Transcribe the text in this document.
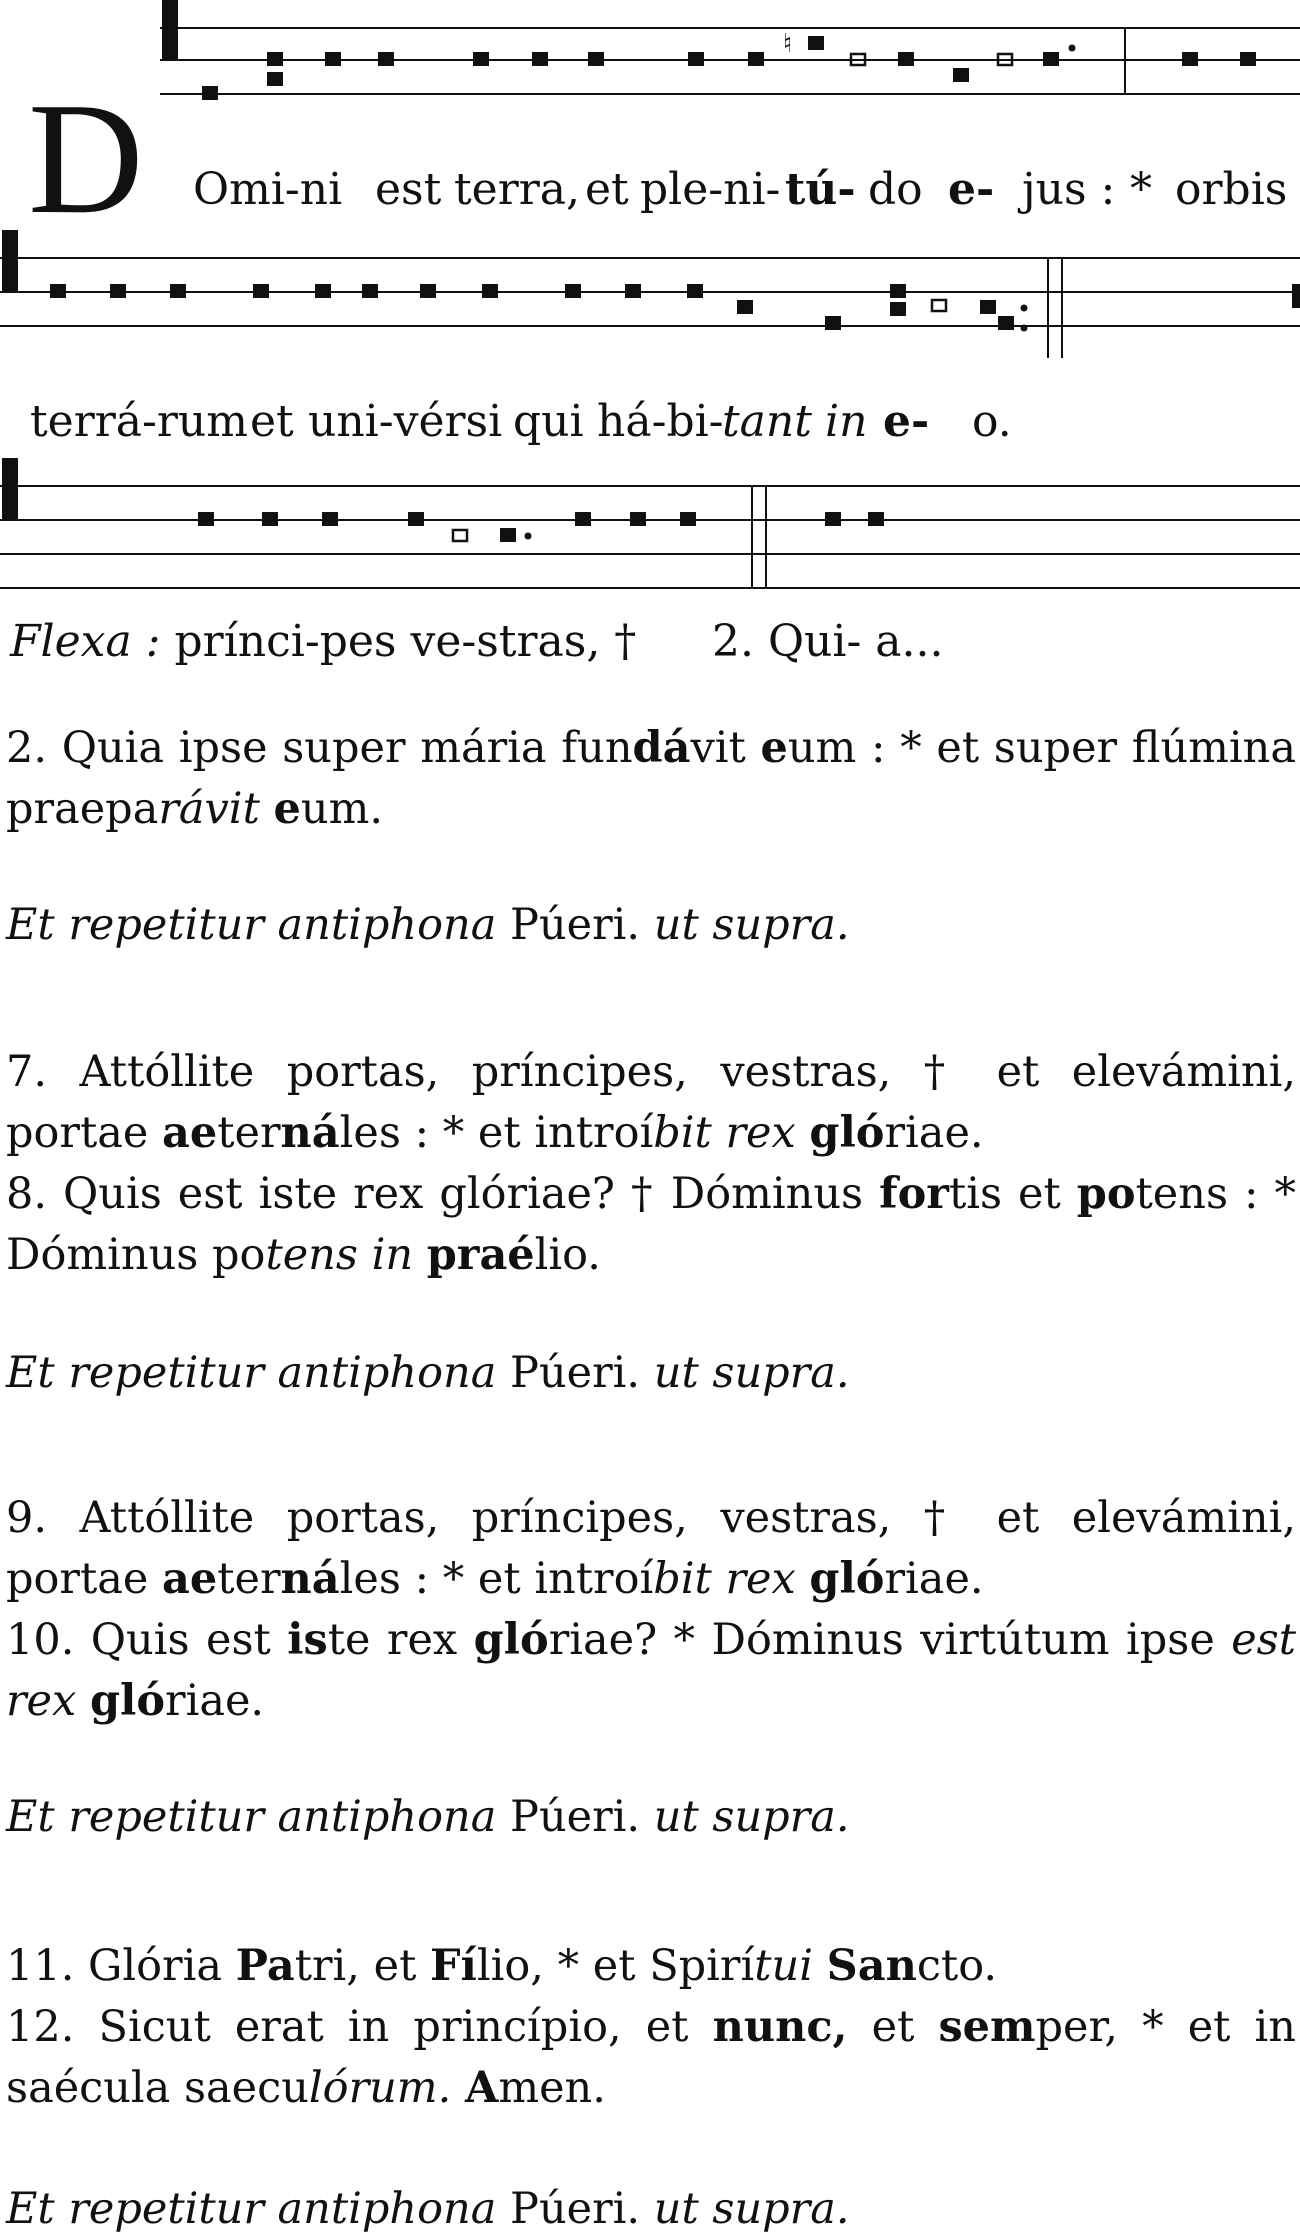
♮
D Omi-ni est terra, et ple-ni- tú- do e- jus : * orbis
terrá-rum et uni-vérsi qui há-bi-
tant in e- o.
Flexa : prínci-pes ve-stras, † 2. Qui- a...
2. Quia ipse super mária fundávit eum : * et super flúmina praeparávit eum.
Et repetitur antiphona Púeri. ut supra.
7. Attóllite portas, príncipes, vestras, † et elevámini, portae aeternáles : * et introíbit rex glóriae.
8. Quis est iste rex glóriae? † Dóminus fortis et potens : * Dóminus potens in praélio.
Et repetitur antiphona Púeri. ut supra.
9. Attóllite portas, príncipes, vestras, † et elevámini, portae aeternáles : * et introíbit rex glóriae.
10. Quis est iste rex glóriae? * Dóminus virtútum ipse est rex glóriae.
Et repetitur antiphona Púeri. ut supra.
11. Glória Patri, et Fílio, * et Spirítui Sancto.
12. Sicut erat in princípio, et nunc, et semper, * et in saécula saeculórum. Amen.
Et repetitur antiphona Púeri. ut supra.
